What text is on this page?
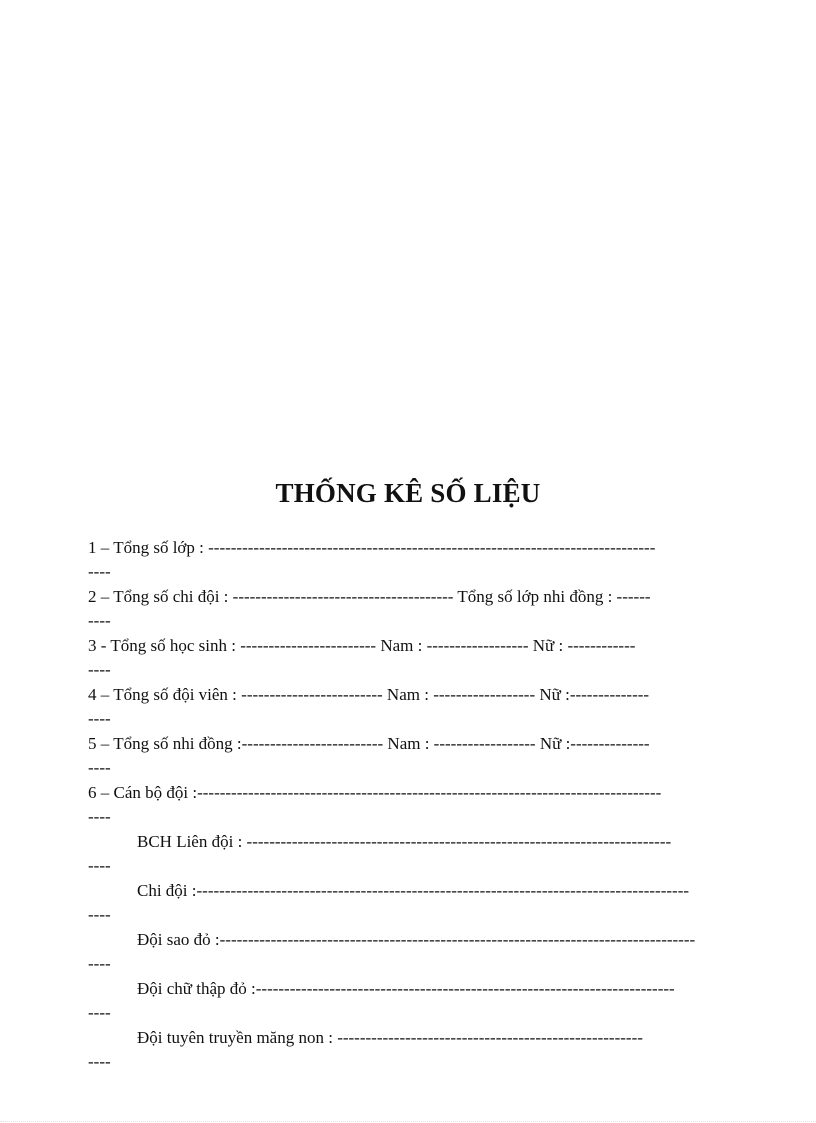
THỐNG KÊ SỐ LIỆU
1 – Tổng số lớp : -------------------------------------------------------------------------------
----
2 – Tổng số chi đội : --------------------------------------- Tổng số lớp nhi đồng : ------
----
3 - Tổng số học sinh : ------------------------ Nam : ------------------ Nữ : ------------
----
4 – Tổng số đội viên : ------------------------- Nam : ------------------ Nữ :--------------
----
5 – Tổng số nhi đồng :------------------------- Nam : ------------------ Nữ :--------------
----
6 – Cán bộ đội :----------------------------------------------------------------------------------
----
BCH Liên đội : ---------------------------------------------------------------------------
----
Chi đội :---------------------------------------------------------------------------------------
----
Đội sao đỏ :------------------------------------------------------------------------------------
----
Đội chữ thập đỏ :--------------------------------------------------------------------------
----
Đội tuyên truyền măng non : ------------------------------------------------------
----
